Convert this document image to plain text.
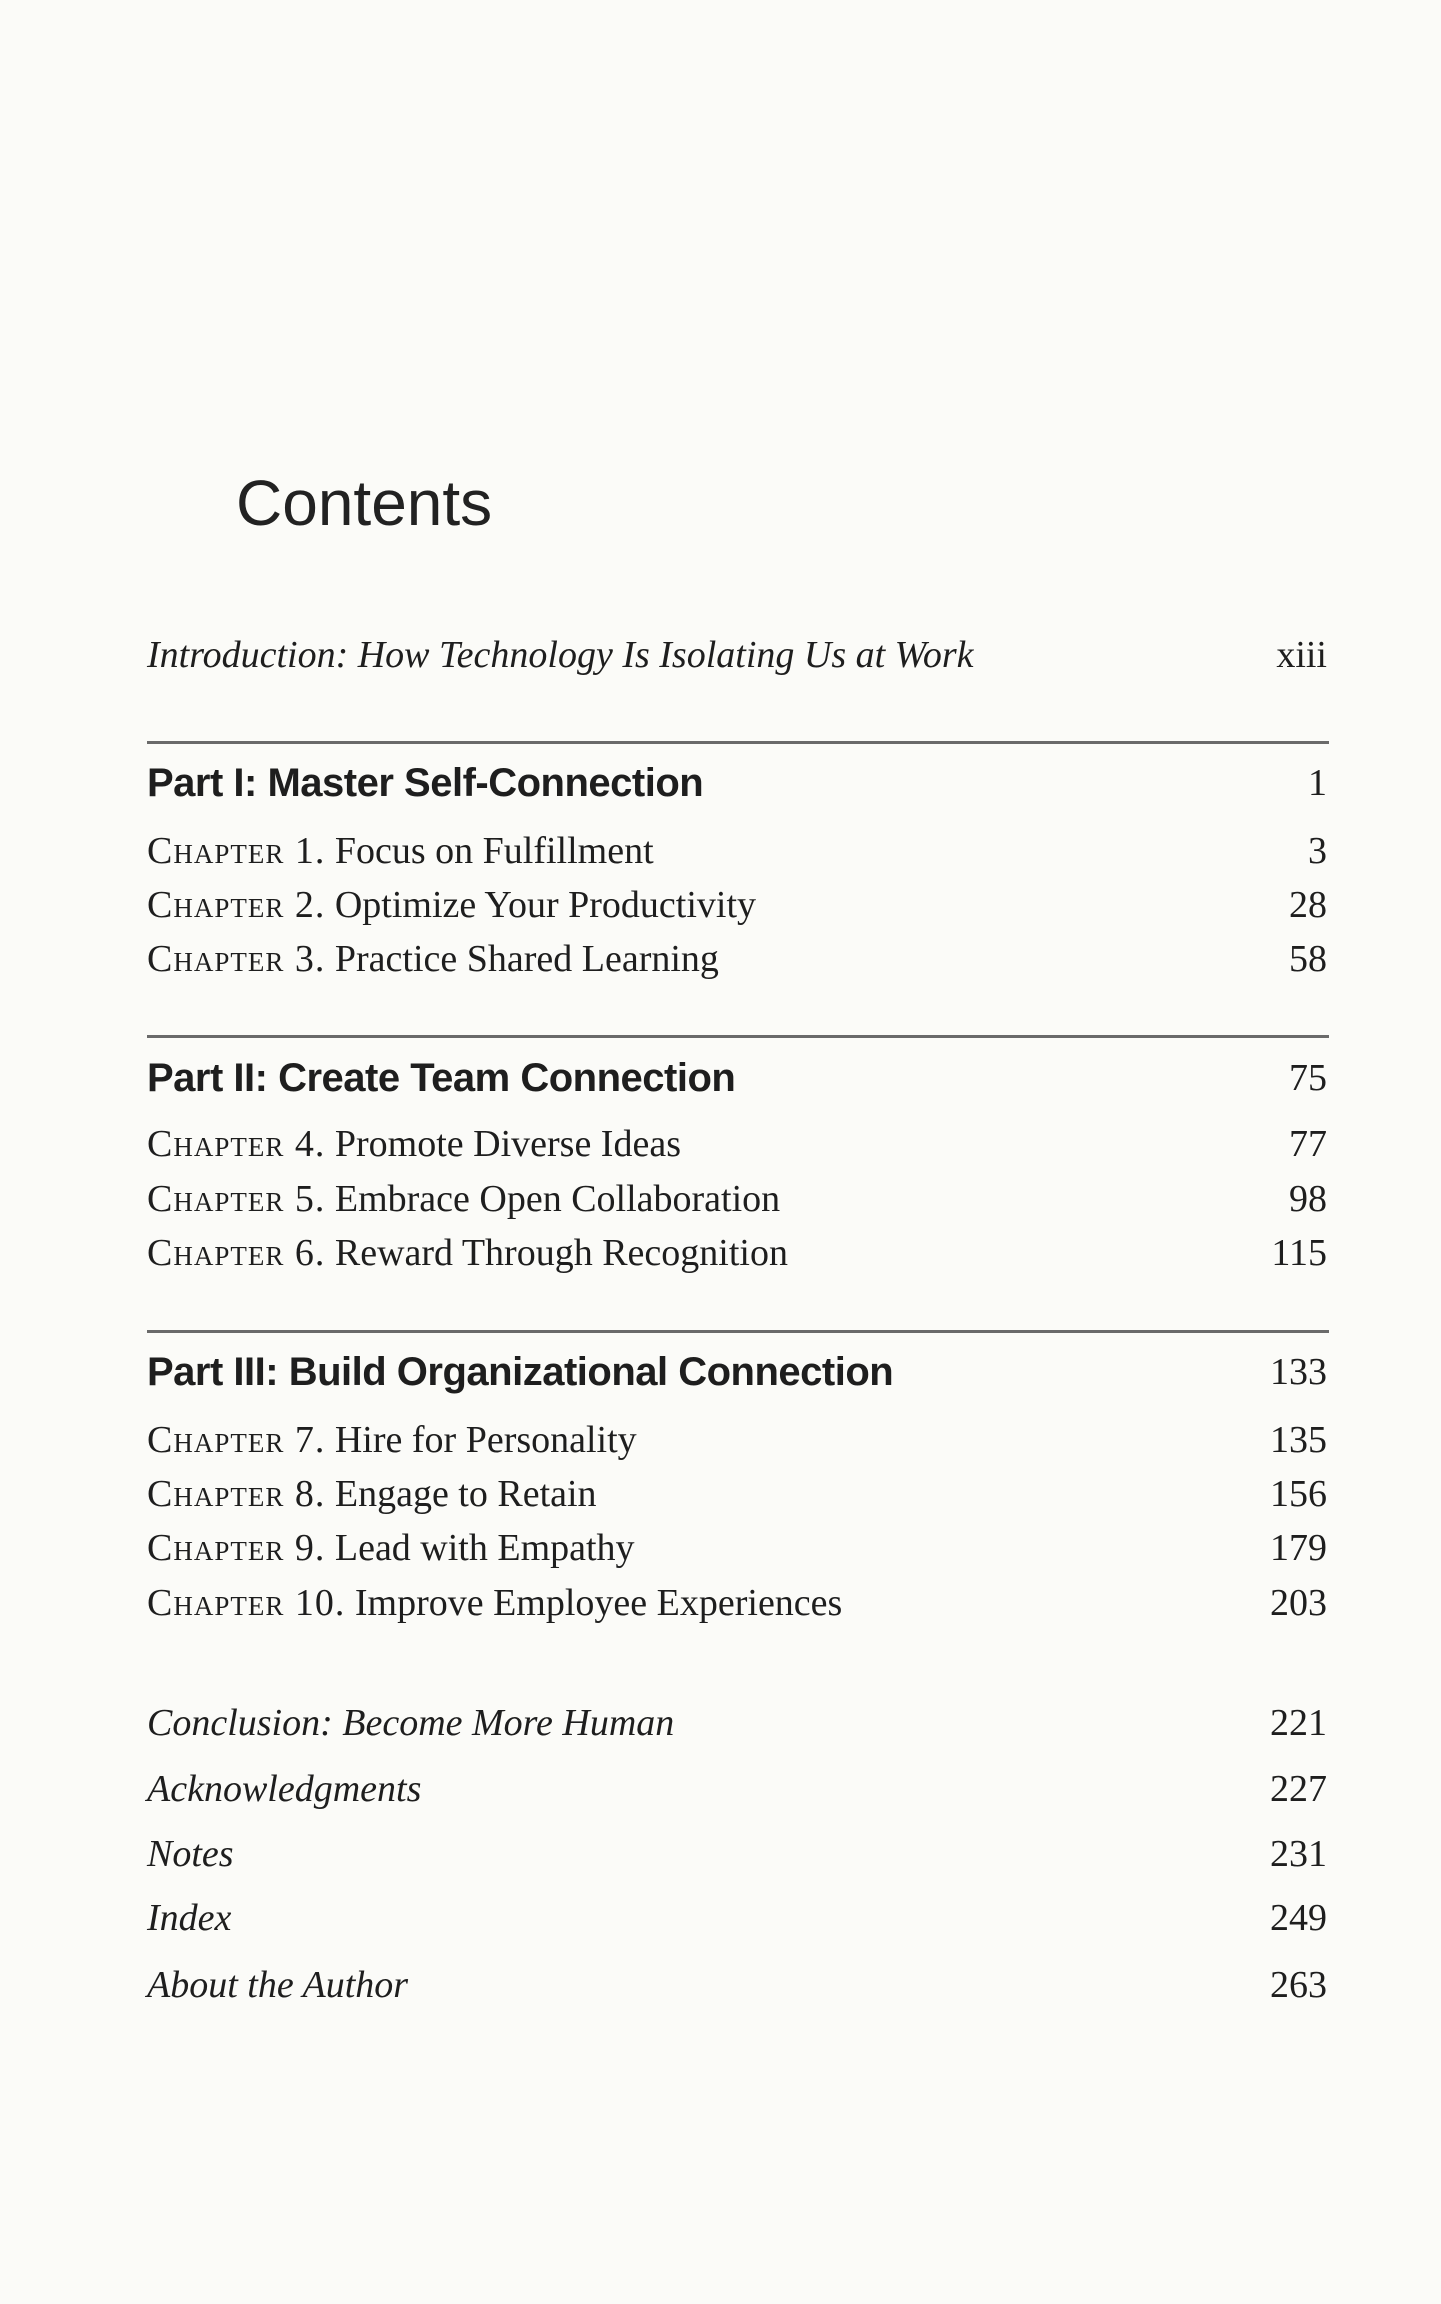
Contents
Introduction: How Technology Is Isolating Us at Work	xiii
Part I: Master Self-Connection	1
Chapter 1. Focus on Fulfillment	3
Chapter 2. Optimize Your Productivity	28
Chapter 3. Practice Shared Learning	58
Part II: Create Team Connection	75
Chapter 4. Promote Diverse Ideas	77
Chapter 5. Embrace Open Collaboration	98
Chapter 6. Reward Through Recognition	115
Part III: Build Organizational Connection	133
Chapter 7. Hire for Personality	135
Chapter 8. Engage to Retain	156
Chapter 9. Lead with Empathy	179
Chapter 10. Improve Employee Experiences	203
Conclusion: Become More Human	221
Acknowledgments	227
Notes	231
Index	249
About the Author	263
